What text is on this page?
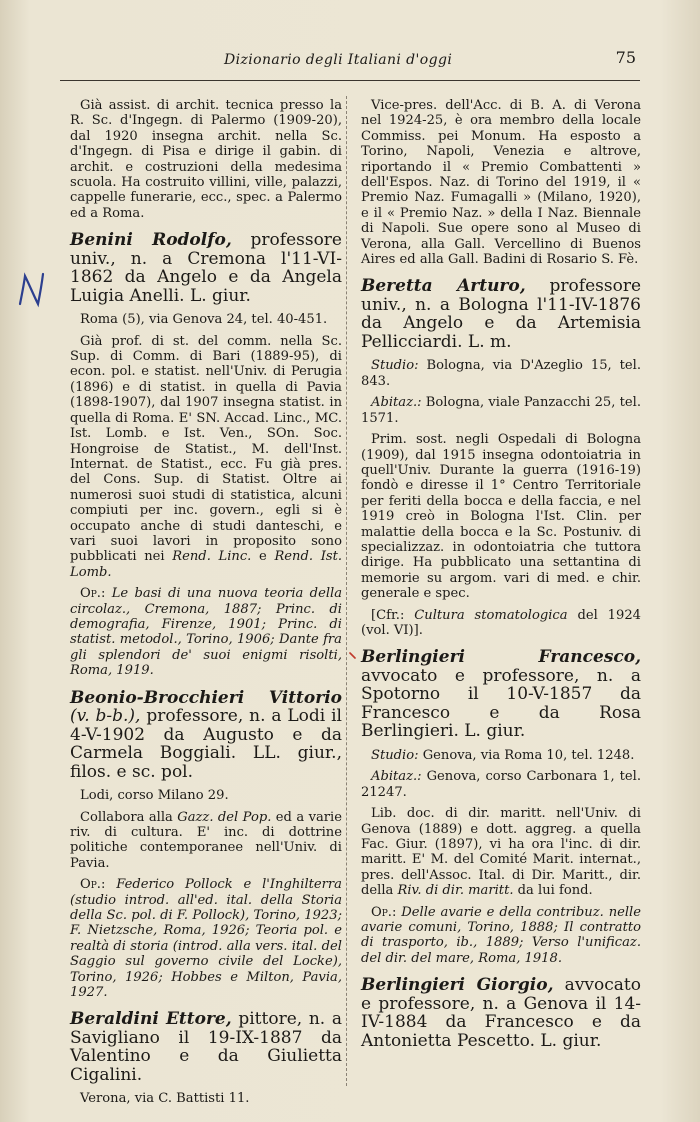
Dizionario degli Italiani d'oggi	75

Già assist. di archit. tecnica presso la R. Sc. d'Ingegn. di Palermo (1909-20), dal 1920 insegna archit. nella Sc. d'Ingegn. di Pisa e dirige il gabin. di archit. e costruzioni della medesima scuola. Ha costruito villini, ville, palazzi, cappelle funerarie, ecc., spec. a Palermo ed a Roma.

Benini Rodolfo, professore univ., n. a Cremona l'11-VI-1862 da Angelo e da Angela Luigia Anelli. L. giur.

Roma (5), via Genova 24, tel. 40-451.

Già prof. di st. del comm. nella Sc. Sup. di Comm. di Bari (1889-95), di econ. pol. e statist. nell'Univ. di Perugia (1896) e di statist. in quella di Pavia (1898-1907), dal 1907 insegna statist. in quella di Roma. E' SN. Accad. Linc., MC. Ist. Lomb. e Ist. Ven., SOn. Soc. Hongroise de Statist., M. dell'Inst. Internat. de Statist., ecc. Fu già pres. del Cons. Sup. di Statist. Oltre ai numerosi suoi studi di statistica, alcuni compiuti per inc. govern., egli si è occupato anche di studi danteschi, e vari suoi lavori in proposito sono pubblicati nei Rend. Linc. e Rend. Ist. Lomb.

Op.: Le basi di una nuova teoria della circolaz., Cremona, 1887; Princ. di demografia, Firenze, 1901; Princ. di statist. metodol., Torino, 1906; Dante fra gli splendori de' suoi enigmi risolti, Roma, 1919.

Beonio-Brocchieri Vittorio (v. b-b.), professore, n. a Lodi il 4-V-1902 da Augusto e da Carmela Boggiali. LL. giur., filos. e sc. pol.

Lodi, corso Milano 29.

Collabora alla Gazz. del Pop. ed a varie riv. di cultura. E' inc. di dottrine politiche contemporanee nell'Univ. di Pavia.

Op.: Federico Pollock e l'Inghilterra (studio introd. all'ed. ital. della Storia della Sc. pol. di F. Pollock), Torino, 1923; F. Nietzsche, Roma, 1926; Teoria pol. e realtà di storia (introd. alla vers. ital. del Saggio sul governo civile del Locke), Torino, 1926; Hobbes e Milton, Pavia, 1927.

Beraldini Ettore, pittore, n. a Savigliano il 19-IX-1887 da Valentino e da Giulietta Cigalini.

Verona, via C. Battisti 11.

Vice-pres. dell'Acc. di B. A. di Verona nel 1924-25, è ora membro della locale Commiss. pei Monum. Ha esposto a Torino, Napoli, Venezia e altrove, riportando il « Premio Combattenti » dell'Espos. Naz. di Torino del 1919, il « Premio Naz. Fumagalli » (Milano, 1920), e il « Premio Naz. » della I Naz. Biennale di Napoli. Sue opere sono al Museo di Verona, alla Gall. Vercellino di Buenos Aires ed alla Gall. Badini di Rosario S. Fè.

Beretta Arturo, professore univ., n. a Bologna l'11-IV-1876 da Angelo e da Artemisia Pellicciardi. L. m.

Studio: Bologna, via D'Azeglio 15, tel. 843.

Abitaz.: Bologna, viale Panzacchi 25, tel. 1571.

Prim. sost. negli Ospedali di Bologna (1909), dal 1915 insegna odontoiatria in quell'Univ. Durante la guerra (1916-19) fondò e diresse il 1° Centro Territoriale per feriti della bocca e della faccia, e nel 1919 creò in Bologna l'Ist. Clin. per malattie della bocca e la Sc. Postuniv. di specializzaz. in odontoiatria che tuttora dirige. Ha pubblicato una settantina di memorie su argom. vari di med. e chir. generale e spec.

[Cfr.: Cultura stomatologica del 1924 (vol. VI)].

Berlingieri Francesco, avvocato e professore, n. a Spotorno il 10-V-1857 da Francesco e da Rosa Berlingieri. L. giur.

Studio: Genova, via Roma 10, tel. 1248.

Abitaz.: Genova, corso Carbonara 1, tel. 21247.

Lib. doc. di dir. maritt. nell'Univ. di Genova (1889) e dott. aggreg. a quella Fac. Giur. (1897), vi ha ora l'inc. di dir. maritt. E' M. del Comité Marit. internat., pres. dell'Assoc. Ital. di Dir. Maritt., dir. della Riv. di dir. maritt. da lui fond.

Op.: Delle avarie e della contribuz. nelle avarie comuni, Torino, 1888; Il contratto di trasporto, ib., 1889; Verso l'unificaz. del dir. del mare, Roma, 1918.

Berlingieri Giorgio, avvocato e professore, n. a Genova il 14-IV-1884 da Francesco e da Antonietta Pescetto. L. giur.
